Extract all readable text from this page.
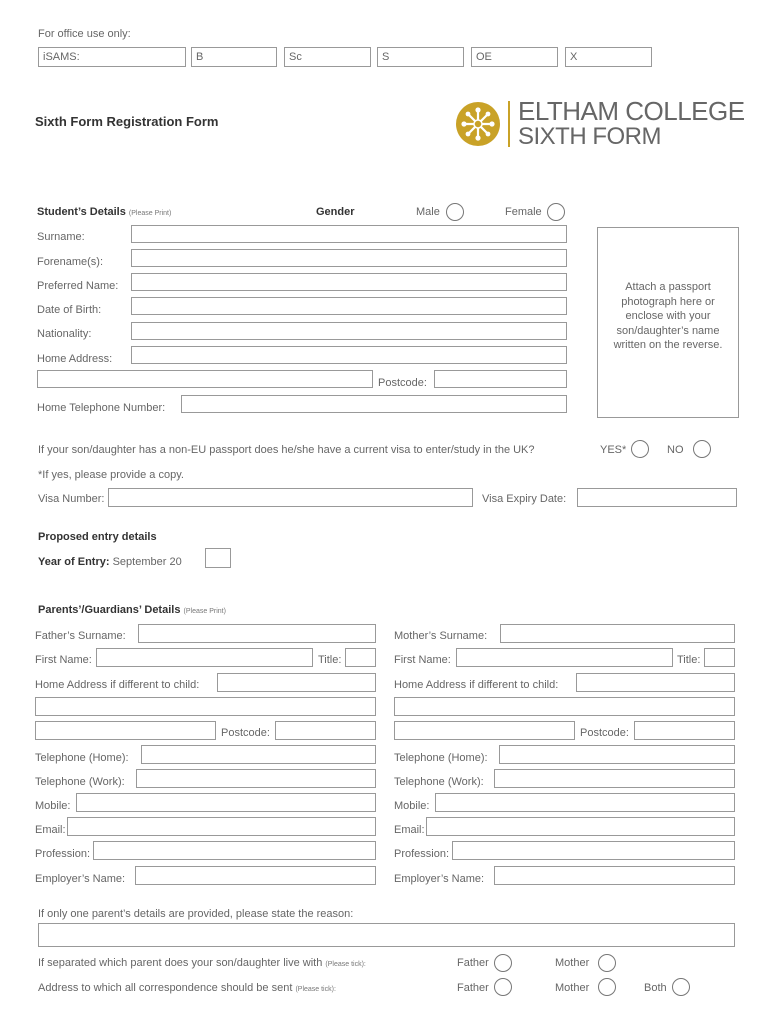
For office use only:
iSAMS:	B	Sc	S	OE	X
Sixth Form Registration Form	ELTHAM COLLEGE
SIXTH FORM
Student’s Details (Please Print)	Gender	Male	Female
Surname:
Forename(s):
Preferred Name:
Date of Birth:
Nationality:
Home Address:
Postcode:
Home Telephone Number:
Attach a passport photograph here or enclose with your son/daughter’s name written on the reverse.
If your son/daughter has a non-EU passport does he/she have a current visa to enter/study in the UK?	YES*	NO
*If yes, please provide a copy.
Visa Number:	Visa Expiry Date:
Proposed entry details
Year of Entry: September 20
Parents’/Guardians’ Details (Please Print)
Father’s Surname:
First Name:	Title:
Home Address if different to child:
Postcode:
Telephone (Home):
Telephone (Work):
Mobile:
Email:
Profession:
Employer’s Name:
Mother’s Surname:
First Name:	Title:
Home Address if different to child:
Postcode:
Telephone (Home):
Telephone (Work):
Mobile:
Email:
Profession:
Employer’s Name:
If only one parent’s details are provided, please state the reason:
If separated which parent does your son/daughter live with (Please tick):	Father	Mother
Address to which all correspondence should be sent (Please tick):	Father	Mother	Both
